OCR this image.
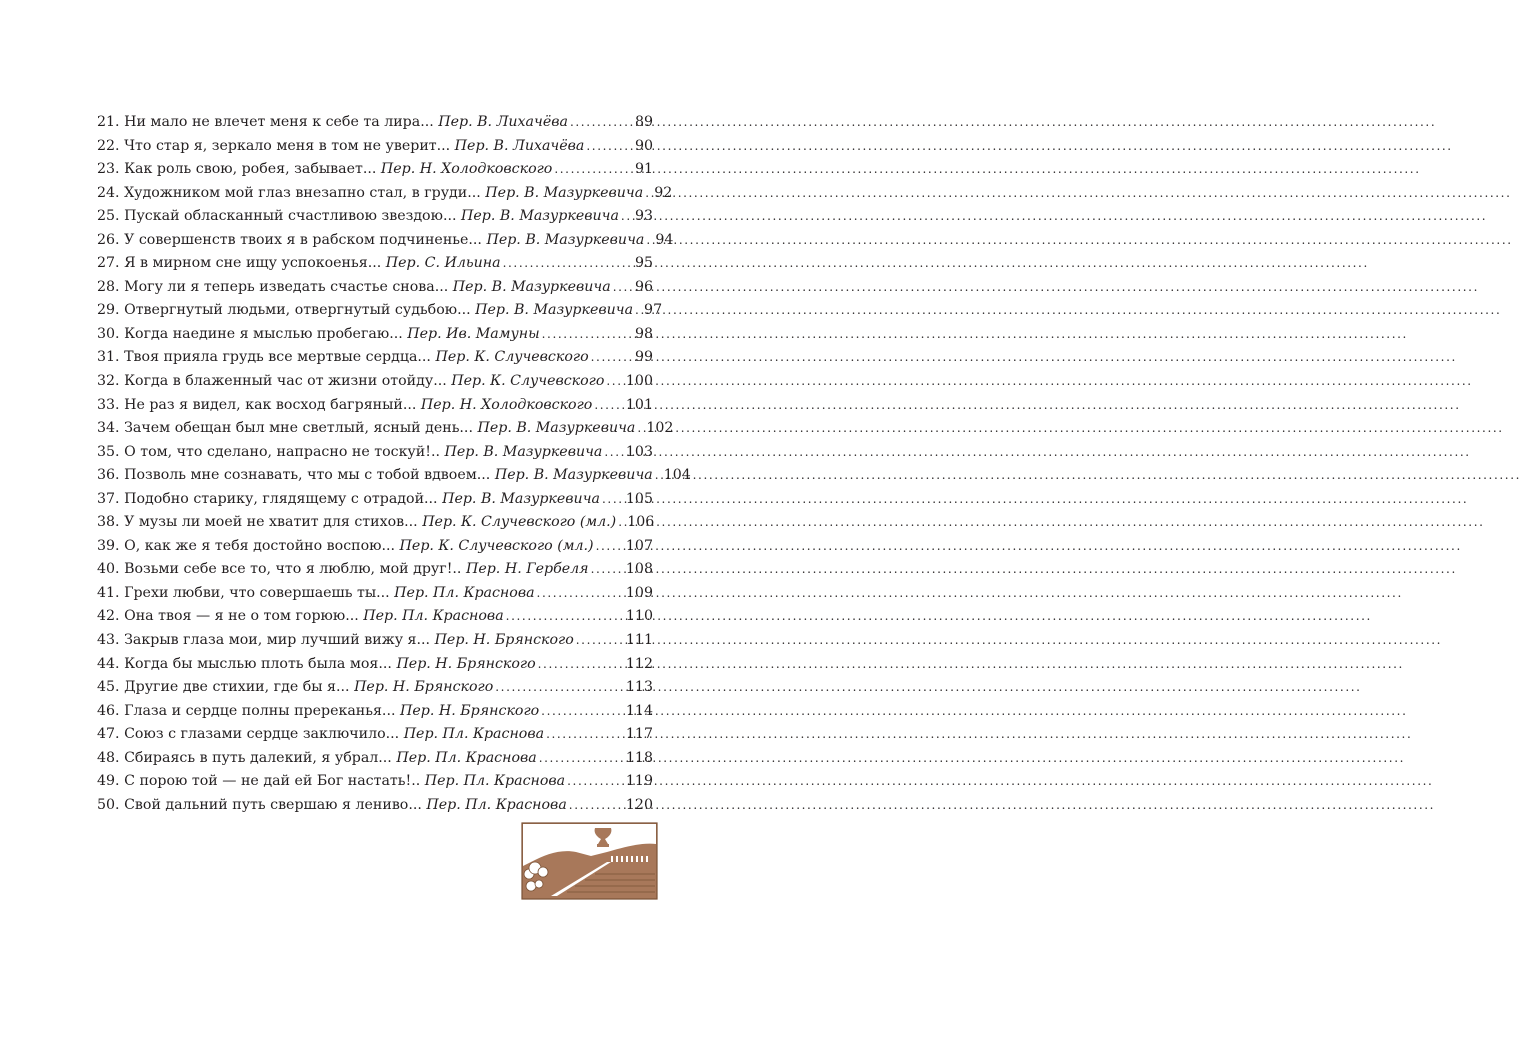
21. Ни мало не влечет меня к себе та лира... Пер. В. Лихачёва .....	89
22. Что стар я, зеркало меня в том не уверит... Пер. В. Лихачёва .....	90
23. Как роль свою, робея, забывает... Пер. Н. Холодковского .....	91
24. Художником мой глаз внезапно стал, в груди... Пер. В. Мазуркевича ..... 92
25. Пускай обласканный счастливою звездою... Пер. В. Мазуркевича ..... 93
26. У совершенств твоих я в рабском подчиненье... Пер. В. Мазуркевича ..... 94
27. Я в мирном сне ищу успокоенья... Пер. С. Ильина .....	95
28. Могу ли я теперь изведать счастье снова... Пер. В. Мазуркевича ..... 96
29. Отвергнутый людьми, отвергнутый судьбою... Пер. В. Мазуркевича ..... 97
30. Когда наедине я мыслью пробегаю... Пер. Ив. Мамуны .....	98
31. Твоя прияла грудь все мертвые сердца... Пер. К. Случевского .....	99
32. Когда в блаженный час от жизни отойду... Пер. К. Случевского ..... 100
33. Не раз я видел, как восход багряный... Пер. Н. Холодковского ..... 101
34. Зачем обещан был мне светлый, ясный день... Пер. В. Мазуркевича ..... 102
35. О том, что сделано, напрасно не тоскуй!.. Пер. В. Мазуркевича ..... 103
36. Позволь мне сознавать, что мы с тобой вдвоем... Пер. В. Мазуркевича ..... 104
37. Подобно старику, глядящему с отрадой... Пер. В. Мазуркевича ..... 105
38. У музы ли моей не хватит для стихов... Пер. К. Случевского (мл.) ..... 106
39. О, как же я тебя достойно воспою... Пер. К. Случевского (мл.) ..... 107
40. Возьми себе все то, что я люблю, мой друг!.. Пер. Н. Гербеля .....	108
41. Грехи любви, что совершаешь ты... Пер. Пл. Краснова .....	109
42. Она твоя — я не о том горюю... Пер. Пл. Краснова .....	110
43. Закрыв глаза мои, мир лучший вижу я... Пер. Н. Брянского .....	111
44. Когда бы мыслью плоть была моя... Пер. Н. Брянского .....	112
45. Другие две стихии, где бы я... Пер. Н. Брянского .....	113
46. Глаза и сердце полны пререканья... Пер. Н. Брянского .....	114
47. Союз с глазами сердце заключило... Пер. Пл. Краснова .....	117
48. Сбираясь в путь далекий, я убрал... Пер. Пл. Краснова .....	118
49. С порою той — не дай ей Бог настать!.. Пер. Пл. Краснова .....	119
50. Свой дальний путь свершаю я лениво... Пер. Пл. Краснова .....	120
